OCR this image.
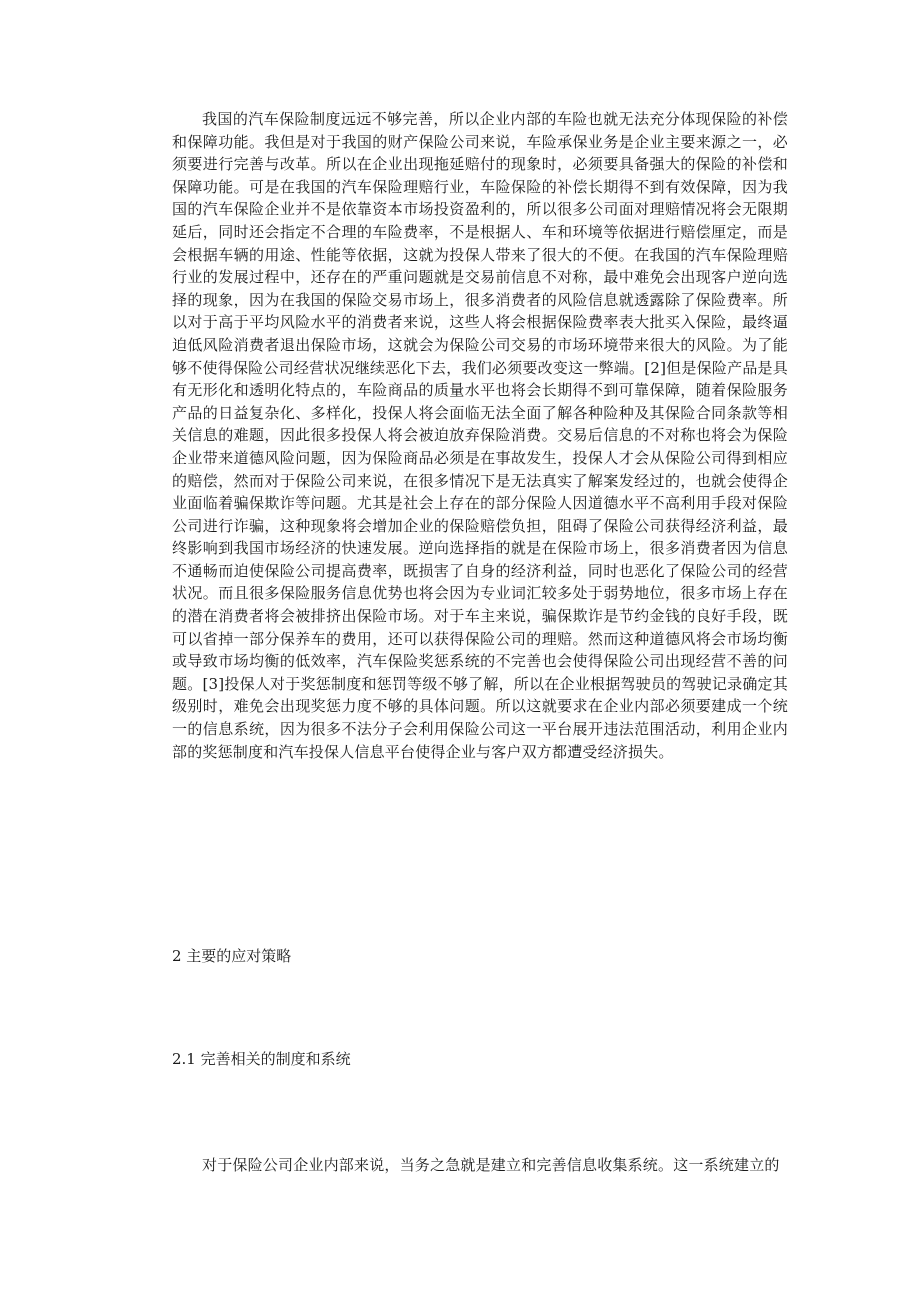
我国的汽车保险制度远远不够完善，所以企业内部的车险也就无法充分体现保险的补偿和保障功能。我但是对于我国的财产保险公司来说，车险承保业务是企业主要来源之一，必须要进行完善与改革。所以在企业出现拖延赔付的现象时，必须要具备强大的保险的补偿和保障功能。可是在我国的汽车保险理赔行业，车险保险的补偿长期得不到有效保障，因为我国的汽车保险企业并不是依靠资本市场投资盈利的，所以很多公司面对理赔情况将会无限期延后，同时还会指定不合理的车险费率，不是根据人、车和环境等依据进行赔偿厘定，而是会根据车辆的用途、性能等依据，这就为投保人带来了很大的不便。在我国的汽车保险理赔行业的发展过程中，还存在的严重问题就是交易前信息不对称，最中难免会出现客户逆向选择的现象，因为在我国的保险交易市场上，很多消费者的风险信息就透露除了保险费率。所以对于高于平均风险水平的消费者来说，这些人将会根据保险费率表大批买入保险，最终逼迫低风险消费者退出保险市场，这就会为保险公司交易的市场环境带来很大的风险。为了能够不使得保险公司经营状况继续恶化下去，我们必须要改变这一弊端。[2]但是保险产品是具有无形化和透明化特点的，车险商品的质量水平也将会长期得不到可靠保障，随着保险服务产品的日益复杂化、多样化，投保人将会面临无法全面了解各种险种及其保险合同条款等相关信息的难题，因此很多投保人将会被迫放弃保险消费。交易后信息的不对称也将会为保险企业带来道德风险问题，因为保险商品必须是在事故发生，投保人才会从保险公司得到相应的赔偿，然而对于保险公司来说，在很多情况下是无法真实了解案发经过的，也就会使得企业面临着骗保欺诈等问题。尤其是社会上存在的部分保险人因道德水平不高利用手段对保险公司进行诈骗，这种现象将会增加企业的保险赔偿负担，阻碍了保险公司获得经济利益，最终影响到我国市场经济的快速发展。逆向选择指的就是在保险市场上，很多消费者因为信息不通畅而迫使保险公司提高费率，既损害了自身的经济利益，同时也恶化了保险公司的经营状况。而且很多保险服务信息优势也将会因为专业词汇较多处于弱势地位，很多市场上存在的潜在消费者将会被排挤出保险市场。对于车主来说，骗保欺诈是节约金钱的良好手段，既可以省掉一部分保养车的费用，还可以获得保险公司的理赔。然而这种道德风将会市场均衡或导致市场均衡的低效率，汽车保险奖惩系统的不完善也会使得保险公司出现经营不善的问题。[3]投保人对于奖惩制度和惩罚等级不够了解，所以在企业根据驾驶员的驾驶记录确定其级别时，难免会出现奖惩力度不够的具体问题。所以这就要求在企业内部必须要建成一个统一的信息系统，因为很多不法分子会利用保险公司这一平台展开违法范围活动，利用企业内部的奖惩制度和汽车投保人信息平台使得企业与客户双方都遭受经济损失。

2 主要的应对策略
2.1 完善相关的制度和系统

对于保险公司企业内部来说，当务之急就是建立和完善信息收集系统。这一系统建立的
